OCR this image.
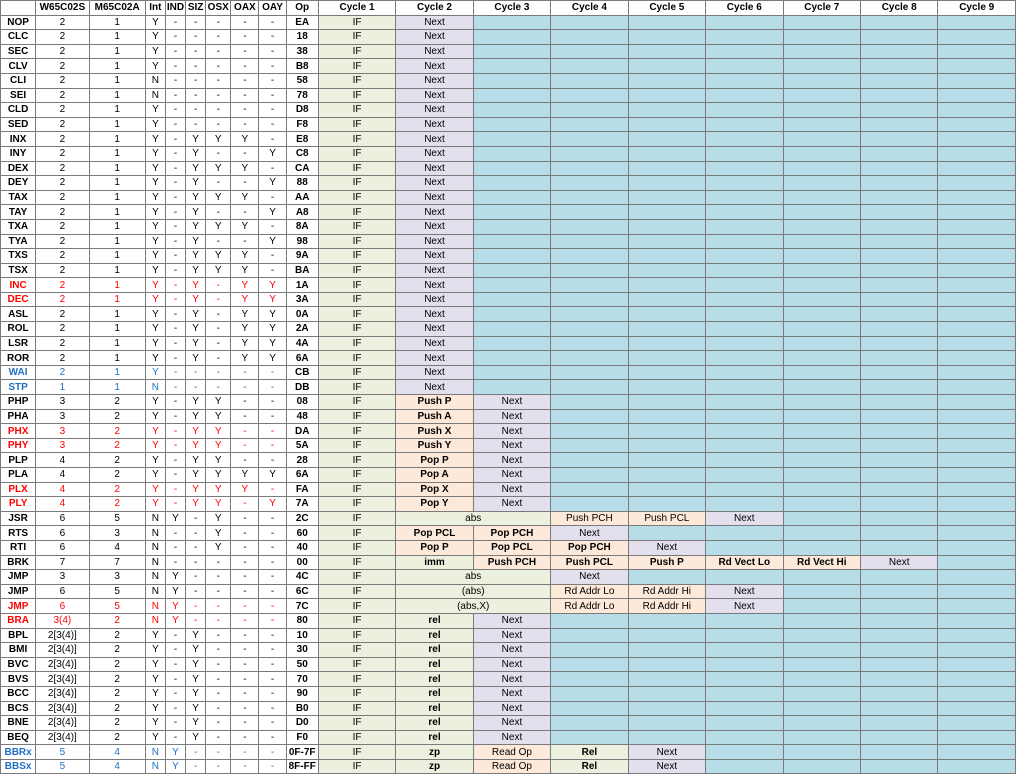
	W65C02S	M65C02A	Int	IND	SIZ	OSX	OAX	OAY	Op	Cycle 1	Cycle 2	Cycle 3	Cycle 4	Cycle 5	Cycle 6	Cycle 7	Cycle 8	Cycle 9
NOP	2	1	Y	-	-	-	-	-	EA	IF	Next							
CLC	2	1	Y	-	-	-	-	-	18	IF	Next							
SEC	2	1	Y	-	-	-	-	-	38	IF	Next							
CLV	2	1	Y	-	-	-	-	-	B8	IF	Next							
CLI	2	1	N	-	-	-	-	-	58	IF	Next							
SEI	2	1	N	-	-	-	-	-	78	IF	Next							
CLD	2	1	Y	-	-	-	-	-	D8	IF	Next							
SED	2	1	Y	-	-	-	-	-	F8	IF	Next							
INX	2	1	Y	-	Y	Y	Y	-	E8	IF	Next							
INY	2	1	Y	-	Y	-	-	Y	C8	IF	Next							
DEX	2	1	Y	-	Y	Y	Y	-	CA	IF	Next							
DEY	2	1	Y	-	Y	-	-	Y	88	IF	Next							
TAX	2	1	Y	-	Y	Y	Y	-	AA	IF	Next							
TAY	2	1	Y	-	Y	-	-	Y	A8	IF	Next							
TXA	2	1	Y	-	Y	Y	Y	-	8A	IF	Next							
TYA	2	1	Y	-	Y	-	-	Y	98	IF	Next							
TXS	2	1	Y	-	Y	Y	Y	-	9A	IF	Next							
TSX	2	1	Y	-	Y	Y	Y	-	BA	IF	Next							
INC	2	1	Y	-	Y	-	Y	Y	1A	IF	Next							
DEC	2	1	Y	-	Y	-	Y	Y	3A	IF	Next							
ASL	2	1	Y	-	Y	-	Y	Y	0A	IF	Next							
ROL	2	1	Y	-	Y	-	Y	Y	2A	IF	Next							
LSR	2	1	Y	-	Y	-	Y	Y	4A	IF	Next							
ROR	2	1	Y	-	Y	-	Y	Y	6A	IF	Next							
WAI	2	1	Y	-	-	-	-	-	CB	IF	Next							
STP	1	1	N	-	-	-	-	-	DB	IF	Next							
PHP	3	2	Y	-	Y	Y	-	-	08	IF	Push P	Next						
PHA	3	2	Y	-	Y	Y	-	-	48	IF	Push A	Next						
PHX	3	2	Y	-	Y	Y	-	-	DA	IF	Push X	Next						
PHY	3	2	Y	-	Y	Y	-	-	5A	IF	Push Y	Next						
PLP	4	2	Y	-	Y	Y	-	-	28	IF	Pop P	Next						
PLA	4	2	Y	-	Y	Y	Y	Y	6A	IF	Pop A	Next						
PLX	4	2	Y	-	Y	Y	Y	-	FA	IF	Pop X	Next						
PLY	4	2	Y	-	Y	Y	-	Y	7A	IF	Pop Y	Next						
JSR	6	5	N	Y	-	Y	-	-	2C	IF	abs		Push PCH	Push PCL	Next			
RTS	6	3	N	-	-	Y	-	-	60	IF	Pop PCL	Pop PCH	Next					
RTI	6	4	N	-	-	Y	-	-	40	IF	Pop P	Pop PCL	Pop PCH	Next				
BRK	7	7	N	-	-	-	-	-	00	IF	imm	Push PCH	Push PCL	Push P	Rd Vect Lo	Rd Vect Hi	Next	
JMP	3	3	N	Y	-	-	-	-	4C	IF	abs		Next					
JMP	6	5	N	Y	-	-	-	-	6C	IF	(abs)		Rd Addr Lo	Rd Addr Hi	Next			
JMP	6	5	N	Y	-	-	-	-	7C	IF	(abs,X)		Rd Addr Lo	Rd Addr Hi	Next			
BRA	3(4)	2	N	Y	-	-	-	-	80	IF	rel	Next						
BPL	2[3(4)]	2	Y	-	Y	-	-	-	10	IF	rel	Next						
BMI	2[3(4)]	2	Y	-	Y	-	-	-	30	IF	rel	Next						
BVC	2[3(4)]	2	Y	-	Y	-	-	-	50	IF	rel	Next						
BVS	2[3(4)]	2	Y	-	Y	-	-	-	70	IF	rel	Next						
BCC	2[3(4)]	2	Y	-	Y	-	-	-	90	IF	rel	Next						
BCS	2[3(4)]	2	Y	-	Y	-	-	-	B0	IF	rel	Next						
BNE	2[3(4)]	2	Y	-	Y	-	-	-	D0	IF	rel	Next						
BEQ	2[3(4)]	2	Y	-	Y	-	-	-	F0	IF	rel	Next						
BBRx	5	4	N	Y	-	-	-	-	0F-7F	IF	zp	Read Op	Rel	Next				
BBSx	5	4	N	Y	-	-	-	-	8F-FF	IF	zp	Read Op	Rel	Next				
